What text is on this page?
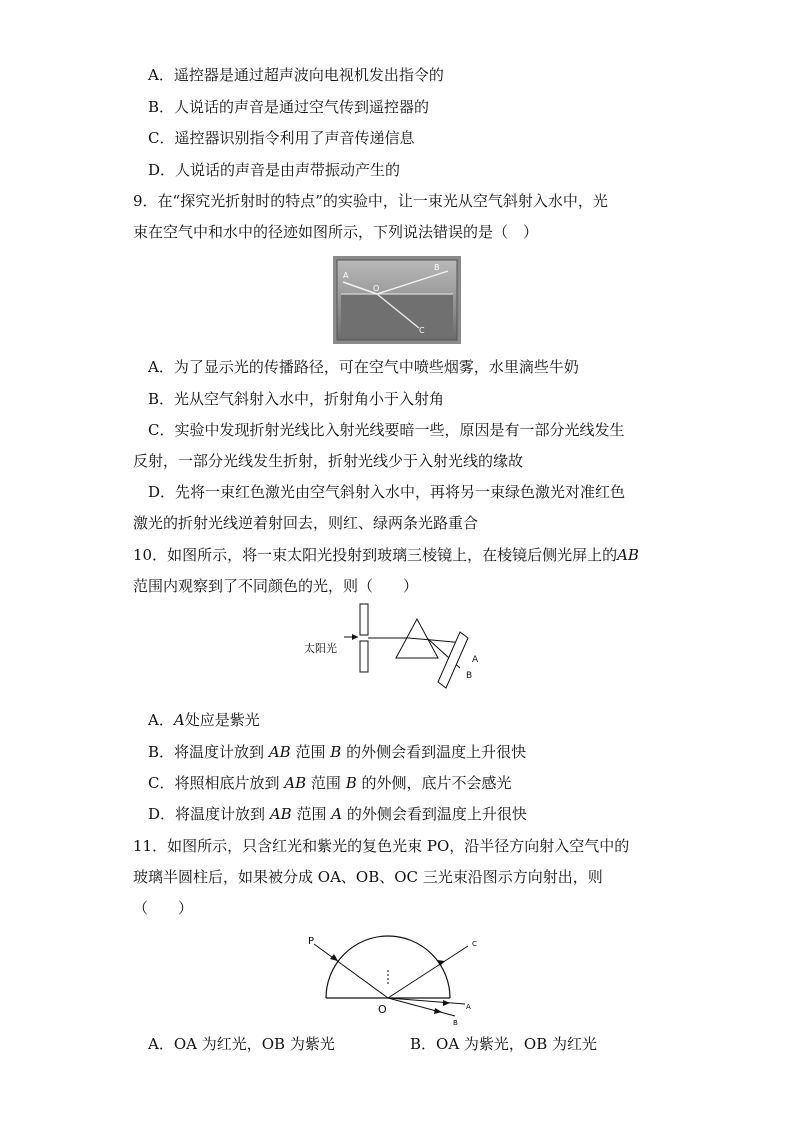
A．遥控器是通过超声波向电视机发出指令的
B．人说话的声音是通过空气传到遥控器的
C．遥控器识别指令利用了声音传递信息
D．人说话的声音是由声带振动产生的
9．在“探究光折射时的特点”的实验中，让一束光从空气斜射入水中，光
束在空气中和水中的径迹如图所示，下列说法错误的是（　）
A
B
O
C
A．为了显示光的传播路径，可在空气中喷些烟雾，水里滴些牛奶
B．光从空气斜射入水中，折射角小于入射角
C．实验中发现折射光线比入射光线要暗一些，原因是有一部分光线发生
反射，一部分光线发生折射，折射光线少于入射光线的缘故
D．先将一束红色激光由空气斜射入水中，再将另一束绿色激光对准红色
激光的折射光线逆着射回去，则红、绿两条光路重合
10．如图所示，将一束太阳光投射到玻璃三棱镜上，在棱镜后侧光屏上的AB
范围内观察到了不同颜色的光，则（　　）
太阳光
A
B
A．A处应是紫光
B．将温度计放到 AB 范围 B 的外侧会看到温度上升很快
C．将照相底片放到 AB 范围 B 的外侧，底片不会感光
D．将温度计放到 AB 范围 A 的外侧会看到温度上升很快
11．如图所示，只含红光和紫光的复色光束 PO，沿半径方向射入空气中的
玻璃半圆柱后，如果被分成 OA、OB、OC 三光束沿图示方向射出，则
（　　）
P	C
O	A
B
A．OA 为红光，OB 为紫光	B．OA 为紫光，OB 为红光
